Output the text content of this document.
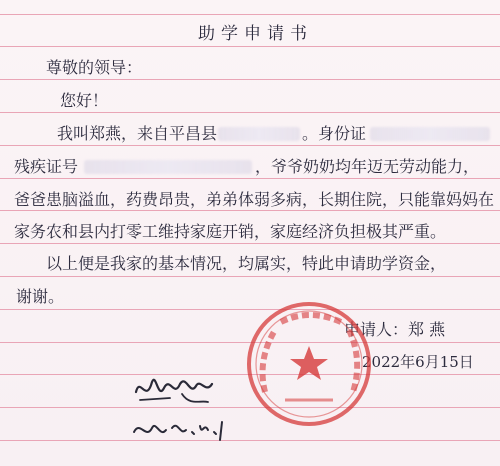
助学申请书
尊敬的领导：
您好！
我叫郑燕，来自平昌县	。身份证
残疾证号	，爷爷奶奶均年迈无劳动能力，
爸爸患脑溢血，药费昂贵，弟弟体弱多病，长期住院，只能靠妈妈在
家务农和县内打零工维持家庭开销，家庭经济负担极其严重。
以上便是我家的基本情况，均属实，特此申请助学资金，
谢谢。
申请人：郑 燕
2022年6月15日
